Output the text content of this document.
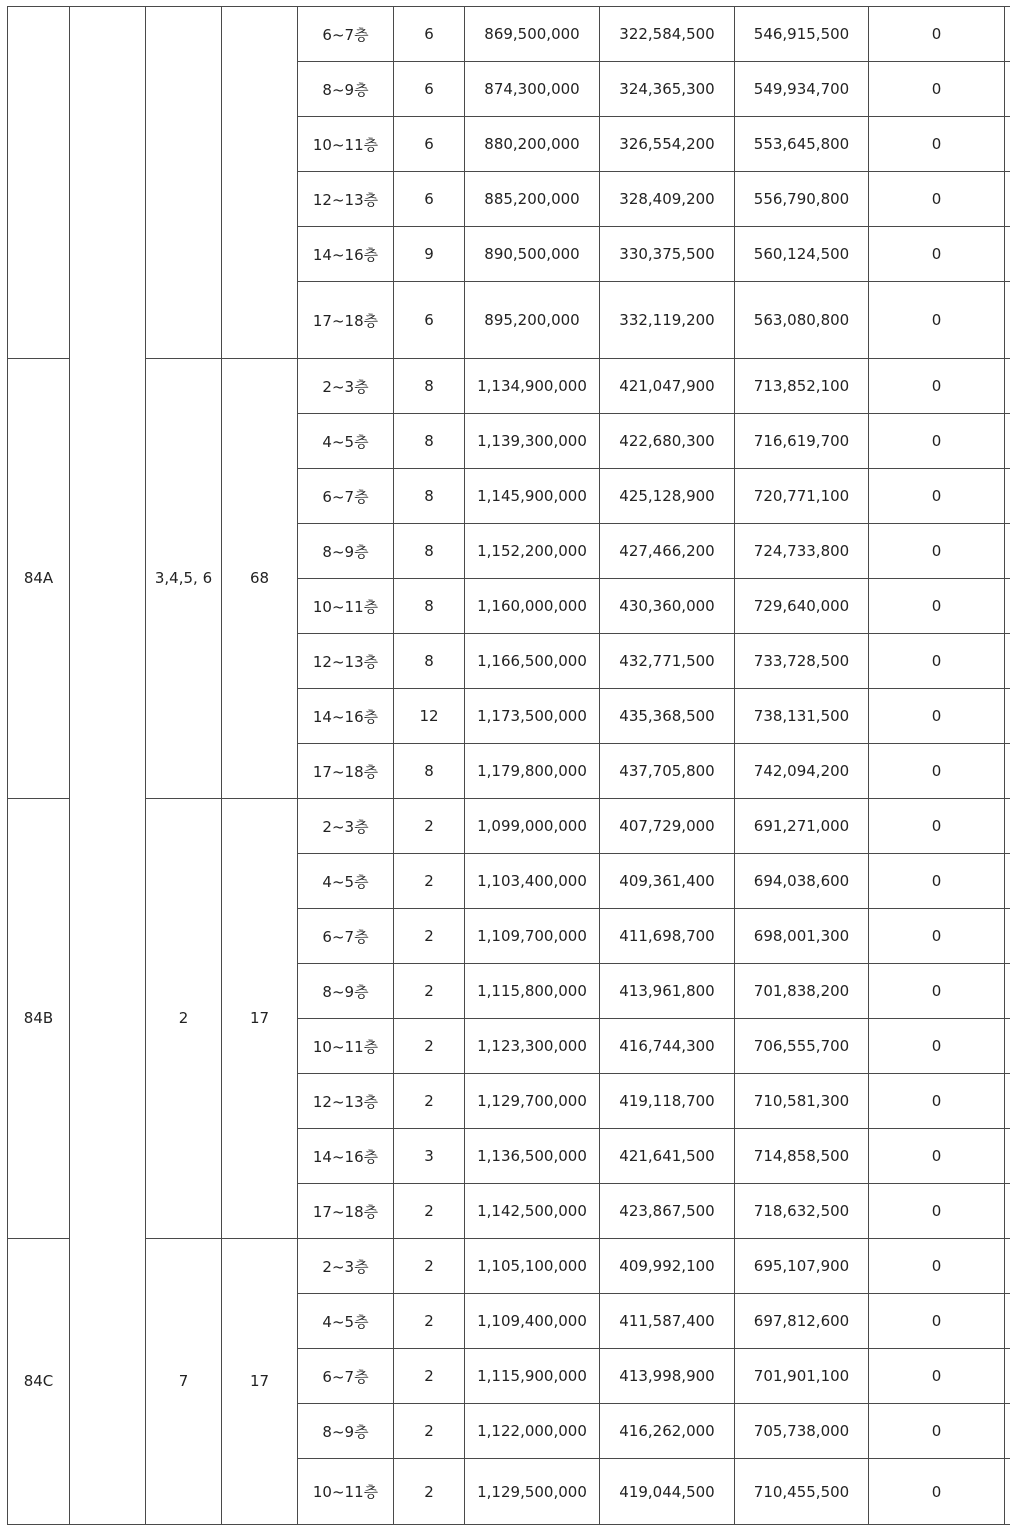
				6~7층	6	869,500,000	322,584,500	546,915,500	0	
				8~9층	6	874,300,000	324,365,300	549,934,700	0	
				10~11층	6	880,200,000	326,554,200	553,645,800	0	
				12~13층	6	885,200,000	328,409,200	556,790,800	0	
				14~16층	9	890,500,000	330,375,500	560,124,500	0	
				17~18층	6	895,200,000	332,119,200	563,080,800	0	
84A		3,4,5, 6	68	2~3층	8	1,134,900,000	421,047,900	713,852,100	0	
				4~5층	8	1,139,300,000	422,680,300	716,619,700	0	
				6~7층	8	1,145,900,000	425,128,900	720,771,100	0	
				8~9층	8	1,152,200,000	427,466,200	724,733,800	0	
				10~11층	8	1,160,000,000	430,360,000	729,640,000	0	
				12~13층	8	1,166,500,000	432,771,500	733,728,500	0	
				14~16층	12	1,173,500,000	435,368,500	738,131,500	0	
				17~18층	8	1,179,800,000	437,705,800	742,094,200	0	
84B		2	17	2~3층	2	1,099,000,000	407,729,000	691,271,000	0	
				4~5층	2	1,103,400,000	409,361,400	694,038,600	0	
				6~7층	2	1,109,700,000	411,698,700	698,001,300	0	
				8~9층	2	1,115,800,000	413,961,800	701,838,200	0	
				10~11층	2	1,123,300,000	416,744,300	706,555,700	0	
				12~13층	2	1,129,700,000	419,118,700	710,581,300	0	
				14~16층	3	1,136,500,000	421,641,500	714,858,500	0	
				17~18층	2	1,142,500,000	423,867,500	718,632,500	0	
84C		7	17	2~3층	2	1,105,100,000	409,992,100	695,107,900	0	
				4~5층	2	1,109,400,000	411,587,400	697,812,600	0	
				6~7층	2	1,115,900,000	413,998,900	701,901,100	0	
				8~9층	2	1,122,000,000	416,262,000	705,738,000	0	
				10~11층	2	1,129,500,000	419,044,500	710,455,500	0	
